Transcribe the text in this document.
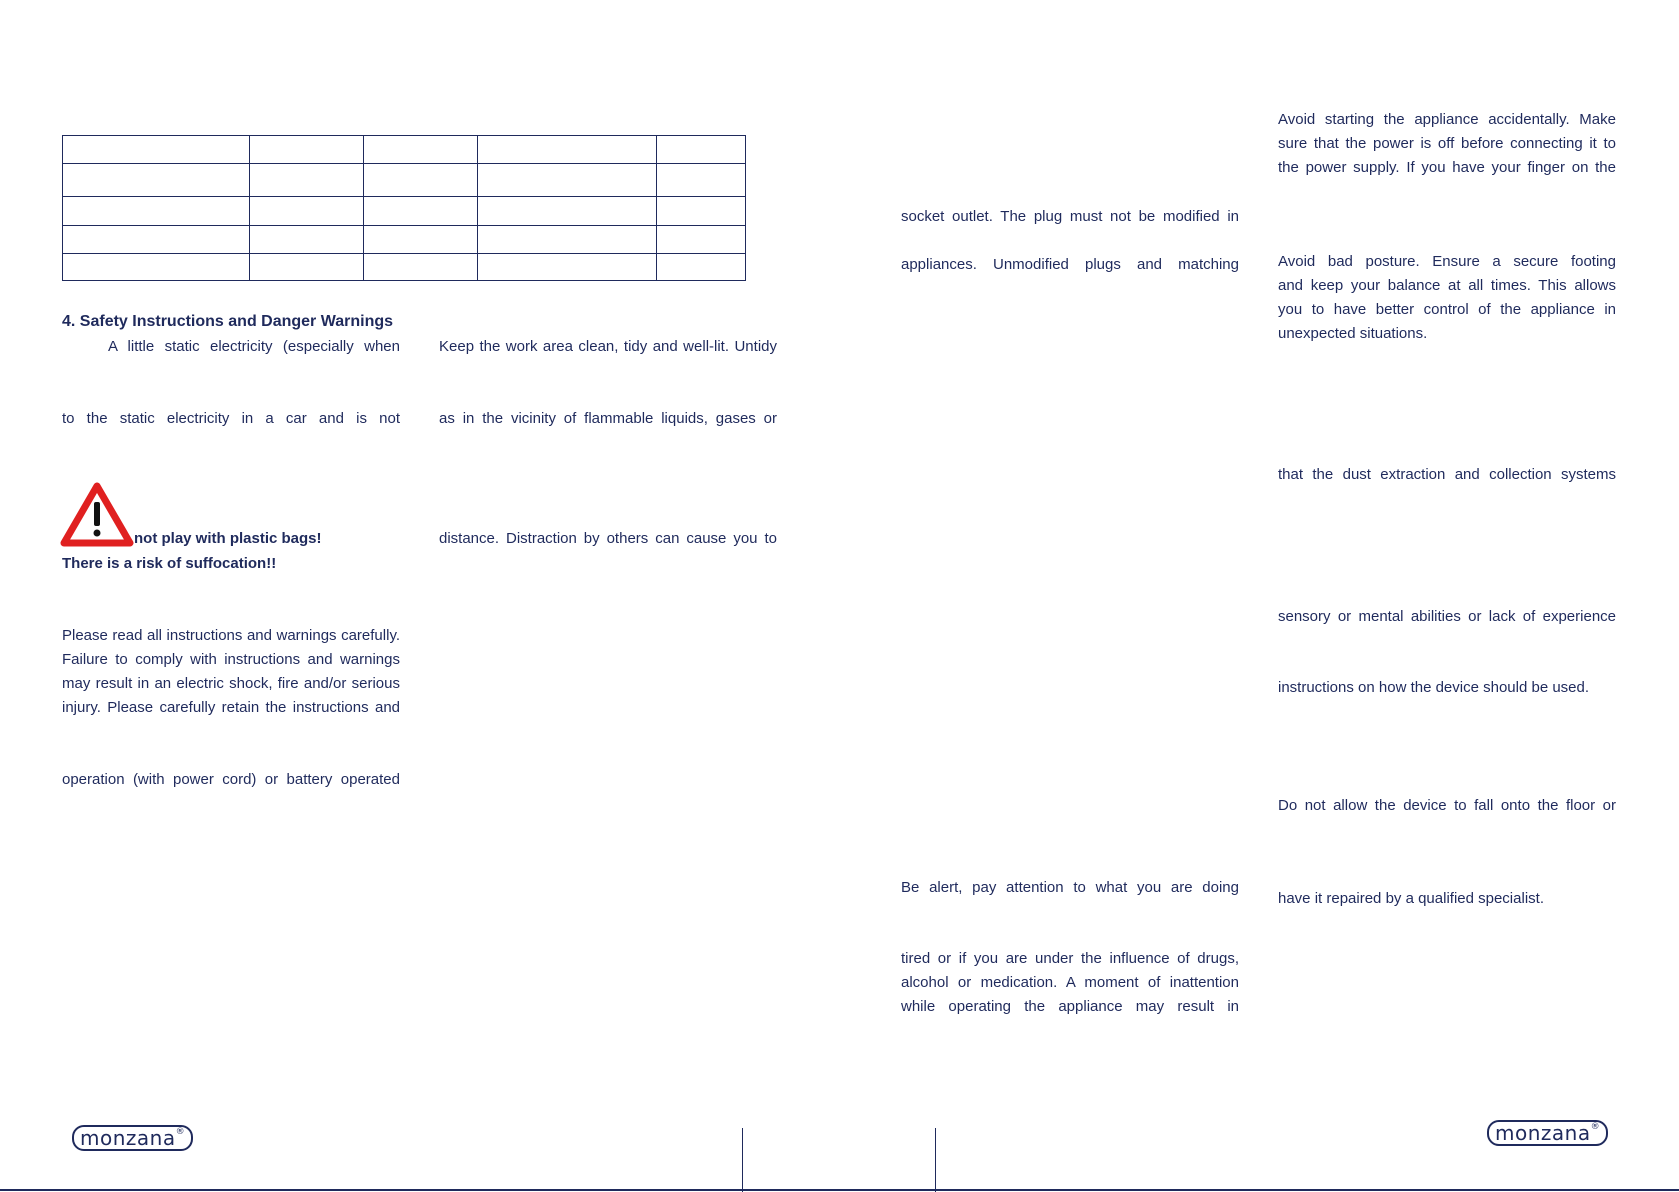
4. Safety Instructions and Danger Warnings
A little static electricity (especially when
to the static electricity in a car and is not
not play with plastic bags!
There is a risk of suffocation!!
Please read all instructions and warnings carefully.
Failure to comply with instructions and warnings
may result in an electric shock, fire and/or serious
injury. Please carefully retain the instructions and
operation (with power cord) or battery operated
Keep the work area clean, tidy and well-lit. Untidy
as in the vicinity of flammable liquids, gases or
distance. Distraction by others can cause you to
socket outlet. The plug must not be modified in
appliances. Unmodified plugs and matching
Be alert, pay attention to what you are doing
tired or if you are under the influence of drugs,
alcohol or medication. A moment of inattention
while operating the appliance may result in
Avoid starting the appliance accidentally. Make
sure that the power is off before connecting it to
the power supply. If you have your finger on the
Avoid bad posture. Ensure a secure footing
and keep your balance at all times. This allows
you to have better control of the appliance in
unexpected situations.
that the dust extraction and collection systems
sensory or mental abilities or lack of experience
instructions on how the device should be used.
Do not allow the device to fall onto the floor or
have it repaired by a qualified specialist.
monzana®	monzana®
